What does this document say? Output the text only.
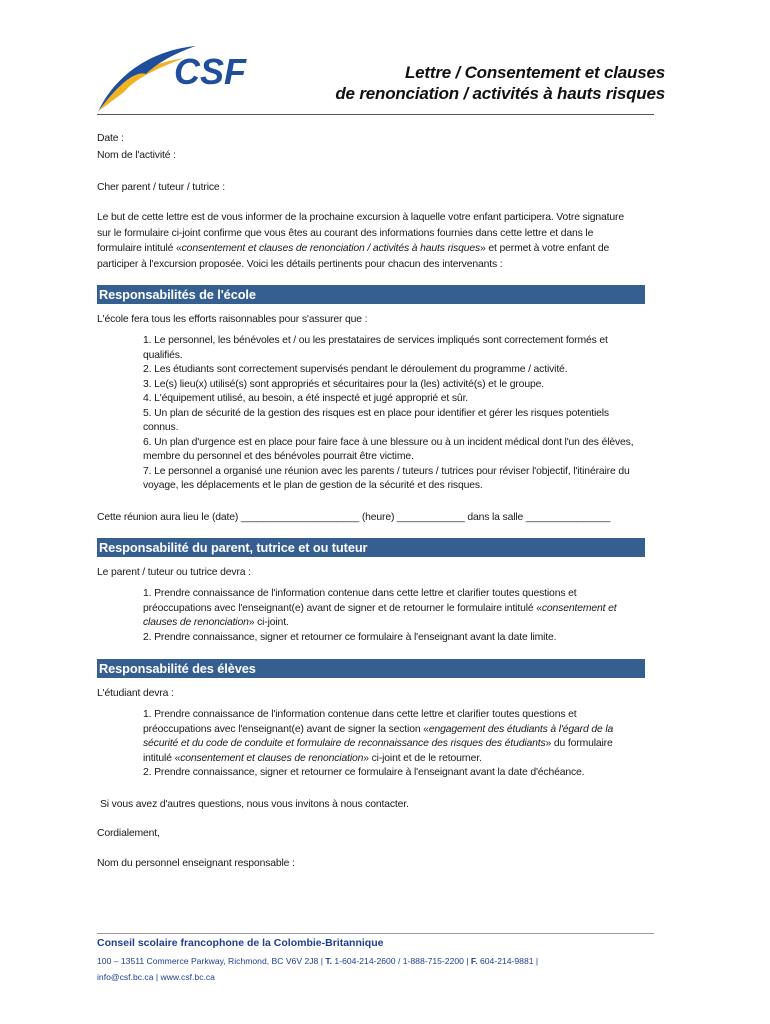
CSF	Lettre / Consentement et clauses
de renonciation / activités à hauts risques
Date :
Nom de l'activité :
Cher parent / tuteur / tutrice :
Le but de cette lettre est de vous informer de la prochaine excursion à laquelle votre enfant participera. Votre signature
sur le formulaire ci-joint confirme que vous êtes au courant des informations fournies dans cette lettre et dans le
formulaire intitulé «consentement et clauses de renonciation / activités à hauts risques» et permet à votre enfant de
participer à l'excursion proposée. Voici les détails pertinents pour chacun des intervenants :
Responsabilités de l'école
L'école fera tous les efforts raisonnables pour s'assurer que :
1. Le personnel, les bénévoles et / ou les prestataires de services impliqués sont correctement formés et
qualifiés.
2. Les étudiants sont correctement supervisés pendant le déroulement du programme / activité.
3. Le(s) lieu(x) utilisé(s) sont appropriés et sécuritaires pour la (les) activité(s) et le groupe.
4. L'équipement utilisé, au besoin, a été inspecté et jugé approprié et sûr.
5. Un plan de sécurité de la gestion des risques est en place pour identifier et gérer les risques potentiels
connus.
6. Un plan d'urgence est en place pour faire face à une blessure ou à un incident médical dont l'un des élèves,
membre du personnel et des bénévoles pourrait être victime.
7. Le personnel a organisé une réunion avec les parents / tuteurs / tutrices pour réviser l'objectif, l'itinéraire du
voyage, les déplacements et le plan de gestion de la sécurité et des risques.
Cette réunion aura lieu le (date) _____________________ (heure) ____________ dans la salle _______________
Responsabilité du parent, tutrice et ou tuteur
Le parent / tuteur ou tutrice devra :
1. Prendre connaissance de l'information contenue dans cette lettre et clarifier toutes questions et
préoccupations avec l'enseignant(e) avant de signer et de retourner le formulaire intitulé «consentement et
clauses de renonciation» ci-joint.
2. Prendre connaissance, signer et retourner ce formulaire à l'enseignant avant la date limite.
Responsabilité des élèves
L'étudiant devra :
1. Prendre connaissance de l'information contenue dans cette lettre et clarifier toutes questions et
préoccupations avec l'enseignant(e) avant de signer la section «engagement des étudiants à l'égard de la
sécurité et du code de conduite et formulaire de reconnaissance des risques des étudiants» du formulaire
intitulé «consentement et clauses de renonciation» ci-joint et de le retourner.
2. Prendre connaissance, signer et retourner ce formulaire à l'enseignant avant la date d'échéance.
Si vous avez d'autres questions, nous vous invitons à nous contacter.
Cordialement,
Nom du personnel enseignant responsable :
Conseil scolaire francophone de la Colombie-Britannique
100 – 13511 Commerce Parkway, Richmond, BC V6V 2J8 | T. 1-604-214-2600 / 1-888-715-2200 | F. 604-214-9881 |
info@csf.bc.ca | www.csf.bc.ca
